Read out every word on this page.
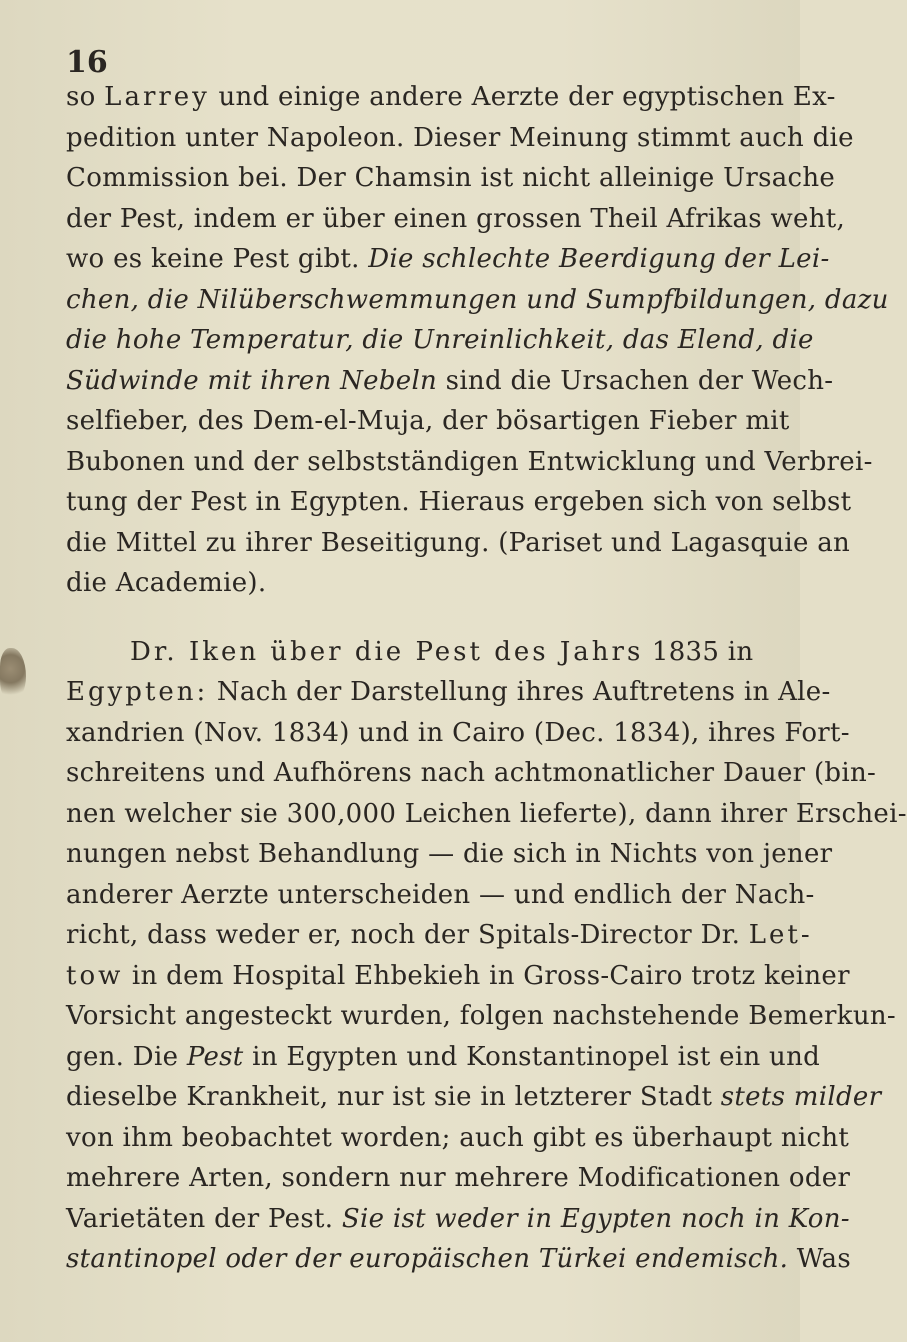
16
so Larrey und einige andere Aerzte der egyptischen Ex-
pedition unter Napoleon. Dieser Meinung stimmt auch die
Commission bei. Der Chamsin ist nicht alleinige Ursache
der Pest, indem er über einen grossen Theil Afrikas weht,
wo es keine Pest gibt. Die schlechte Beerdigung der Lei-
chen, die Nilüberschwemmungen und Sumpfbildungen, dazu
die hohe Temperatur, die Unreinlichkeit, das Elend, die
Südwinde mit ihren Nebeln sind die Ursachen der Wech-
selfieber, des Dem-el-Muja, der bösartigen Fieber mit
Bubonen und der selbstständigen Entwicklung und Verbrei-
tung der Pest in Egypten. Hieraus ergeben sich von selbst
die Mittel zu ihrer Beseitigung. (Pariset und Lagasquie an
die Academie).
Dr. Iken über die Pest des Jahrs 1835 in
Egypten: Nach der Darstellung ihres Auftretens in Ale-
xandrien (Nov. 1834) und in Cairo (Dec. 1834), ihres Fort-
schreitens und Aufhörens nach achtmonatlicher Dauer (bin-
nen welcher sie 300,000 Leichen lieferte), dann ihrer Erschei-
nungen nebst Behandlung — die sich in Nichts von jener
anderer Aerzte unterscheiden — und endlich der Nach-
richt, dass weder er, noch der Spitals-Director Dr. Let-
tow in dem Hospital Ehbekieh in Gross-Cairo trotz keiner
Vorsicht angesteckt wurden, folgen nachstehende Bemerkun-
gen. Die Pest in Egypten und Konstantinopel ist ein und
dieselbe Krankheit, nur ist sie in letzterer Stadt stets milder
von ihm beobachtet worden; auch gibt es überhaupt nicht
mehrere Arten, sondern nur mehrere Modificationen oder
Varietäten der Pest. Sie ist weder in Egypten noch in Kon-
stantinopel oder der europäischen Türkei endemisch. Was
